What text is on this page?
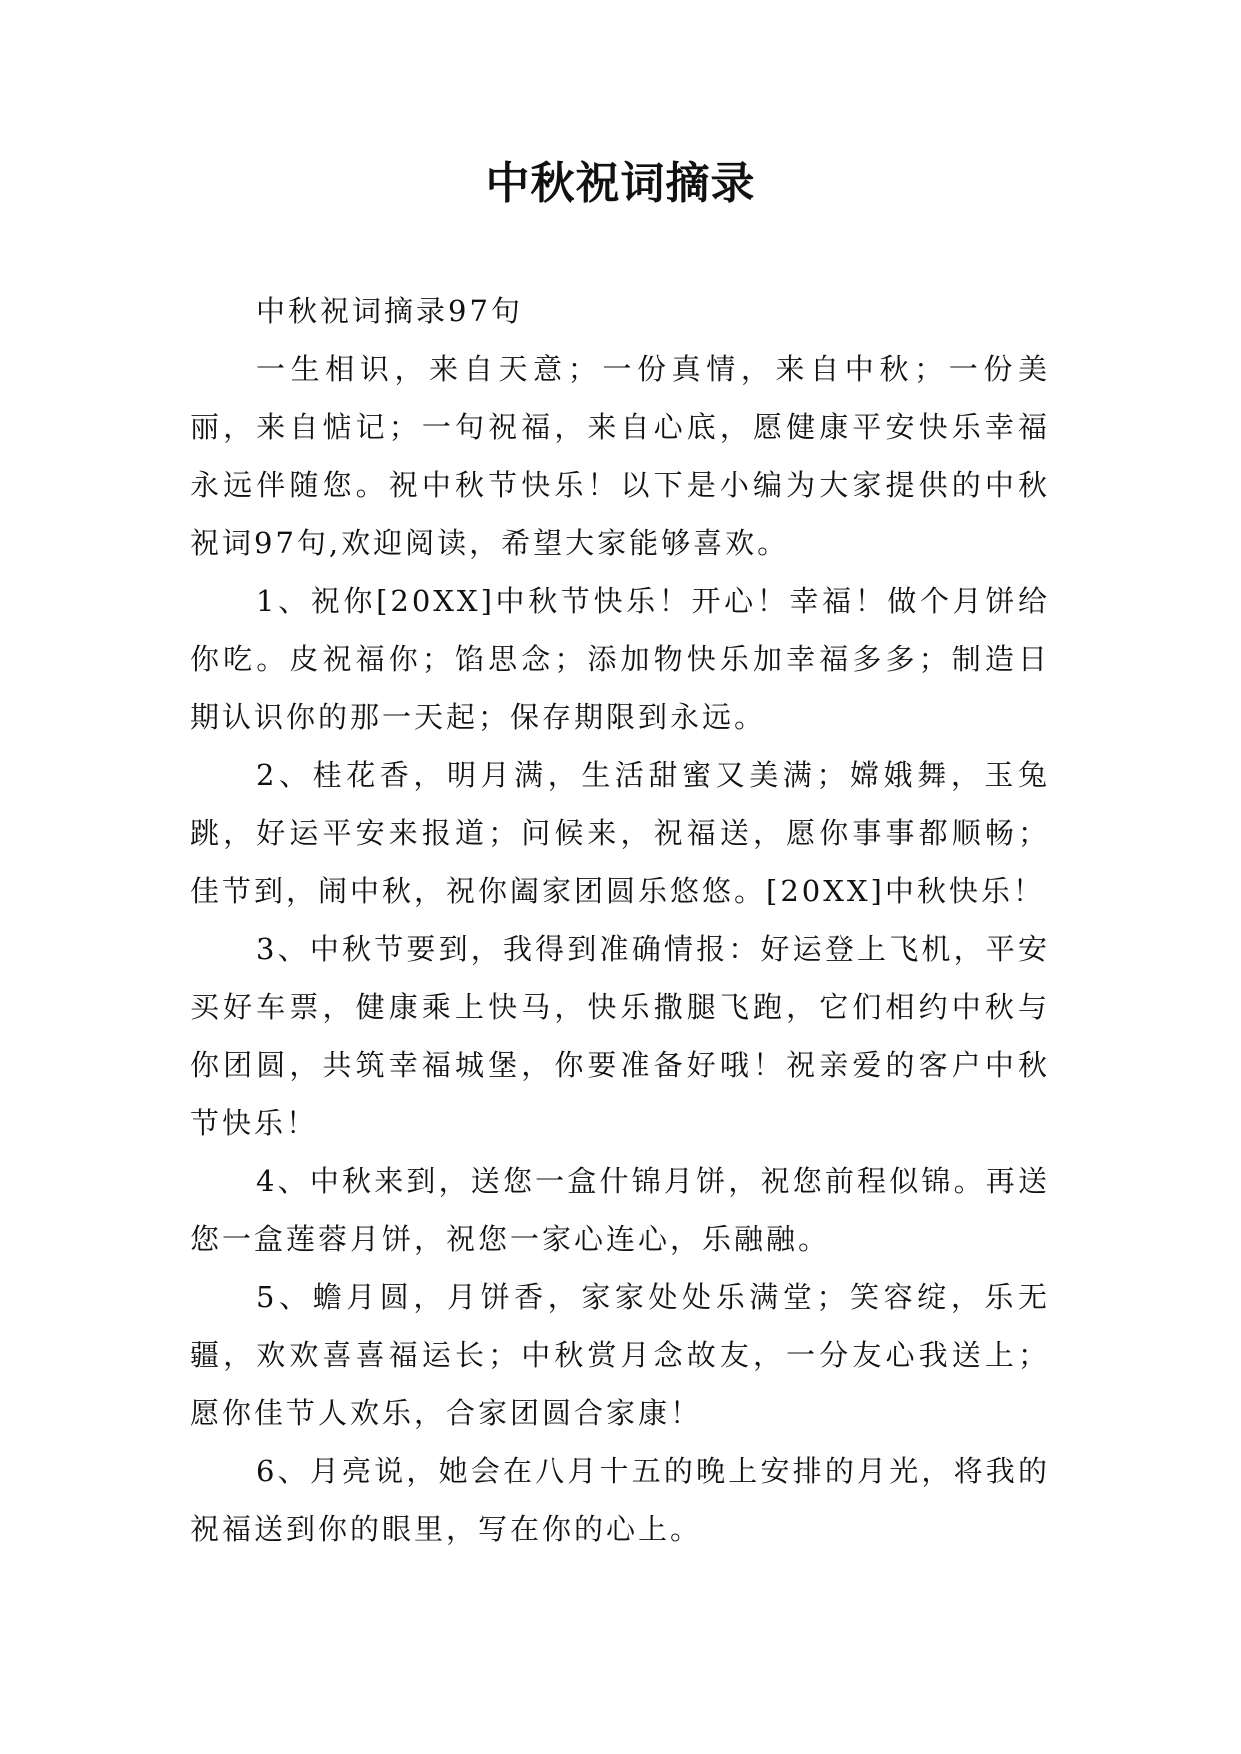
中秋祝词摘录

中秋祝词摘录97句

一生相识，来自天意；一份真情，来自中秋；一份美丽，来自惦记；一句祝福，来自心底，愿健康平安快乐幸福永远伴随您。祝中秋节快乐！以下是小编为大家提供的中秋祝词97句,欢迎阅读，希望大家能够喜欢。

1、祝你[20XX]中秋节快乐！开心！幸福！做个月饼给你吃。皮祝福你；馅思念；添加物快乐加幸福多多；制造日期认识你的那一天起；保存期限到永远。

2、桂花香，明月满，生活甜蜜又美满；嫦娥舞，玉兔跳，好运平安来报道；问候来，祝福送，愿你事事都顺畅；佳节到，闹中秋，祝你阖家团圆乐悠悠。[20XX]中秋快乐！

3、中秋节要到，我得到准确情报：好运登上飞机，平安买好车票，健康乘上快马，快乐撒腿飞跑，它们相约中秋与你团圆，共筑幸福城堡，你要准备好哦！祝亲爱的客户中秋节快乐！

4、中秋来到，送您一盒什锦月饼，祝您前程似锦。再送您一盒莲蓉月饼，祝您一家心连心，乐融融。

5、蟾月圆，月饼香，家家处处乐满堂；笑容绽，乐无疆，欢欢喜喜福运长；中秋赏月念故友，一分友心我送上；愿你佳节人欢乐，合家团圆合家康！

6、月亮说，她会在八月十五的晚上安排的月光，将我的祝福送到你的眼里，写在你的心上。
